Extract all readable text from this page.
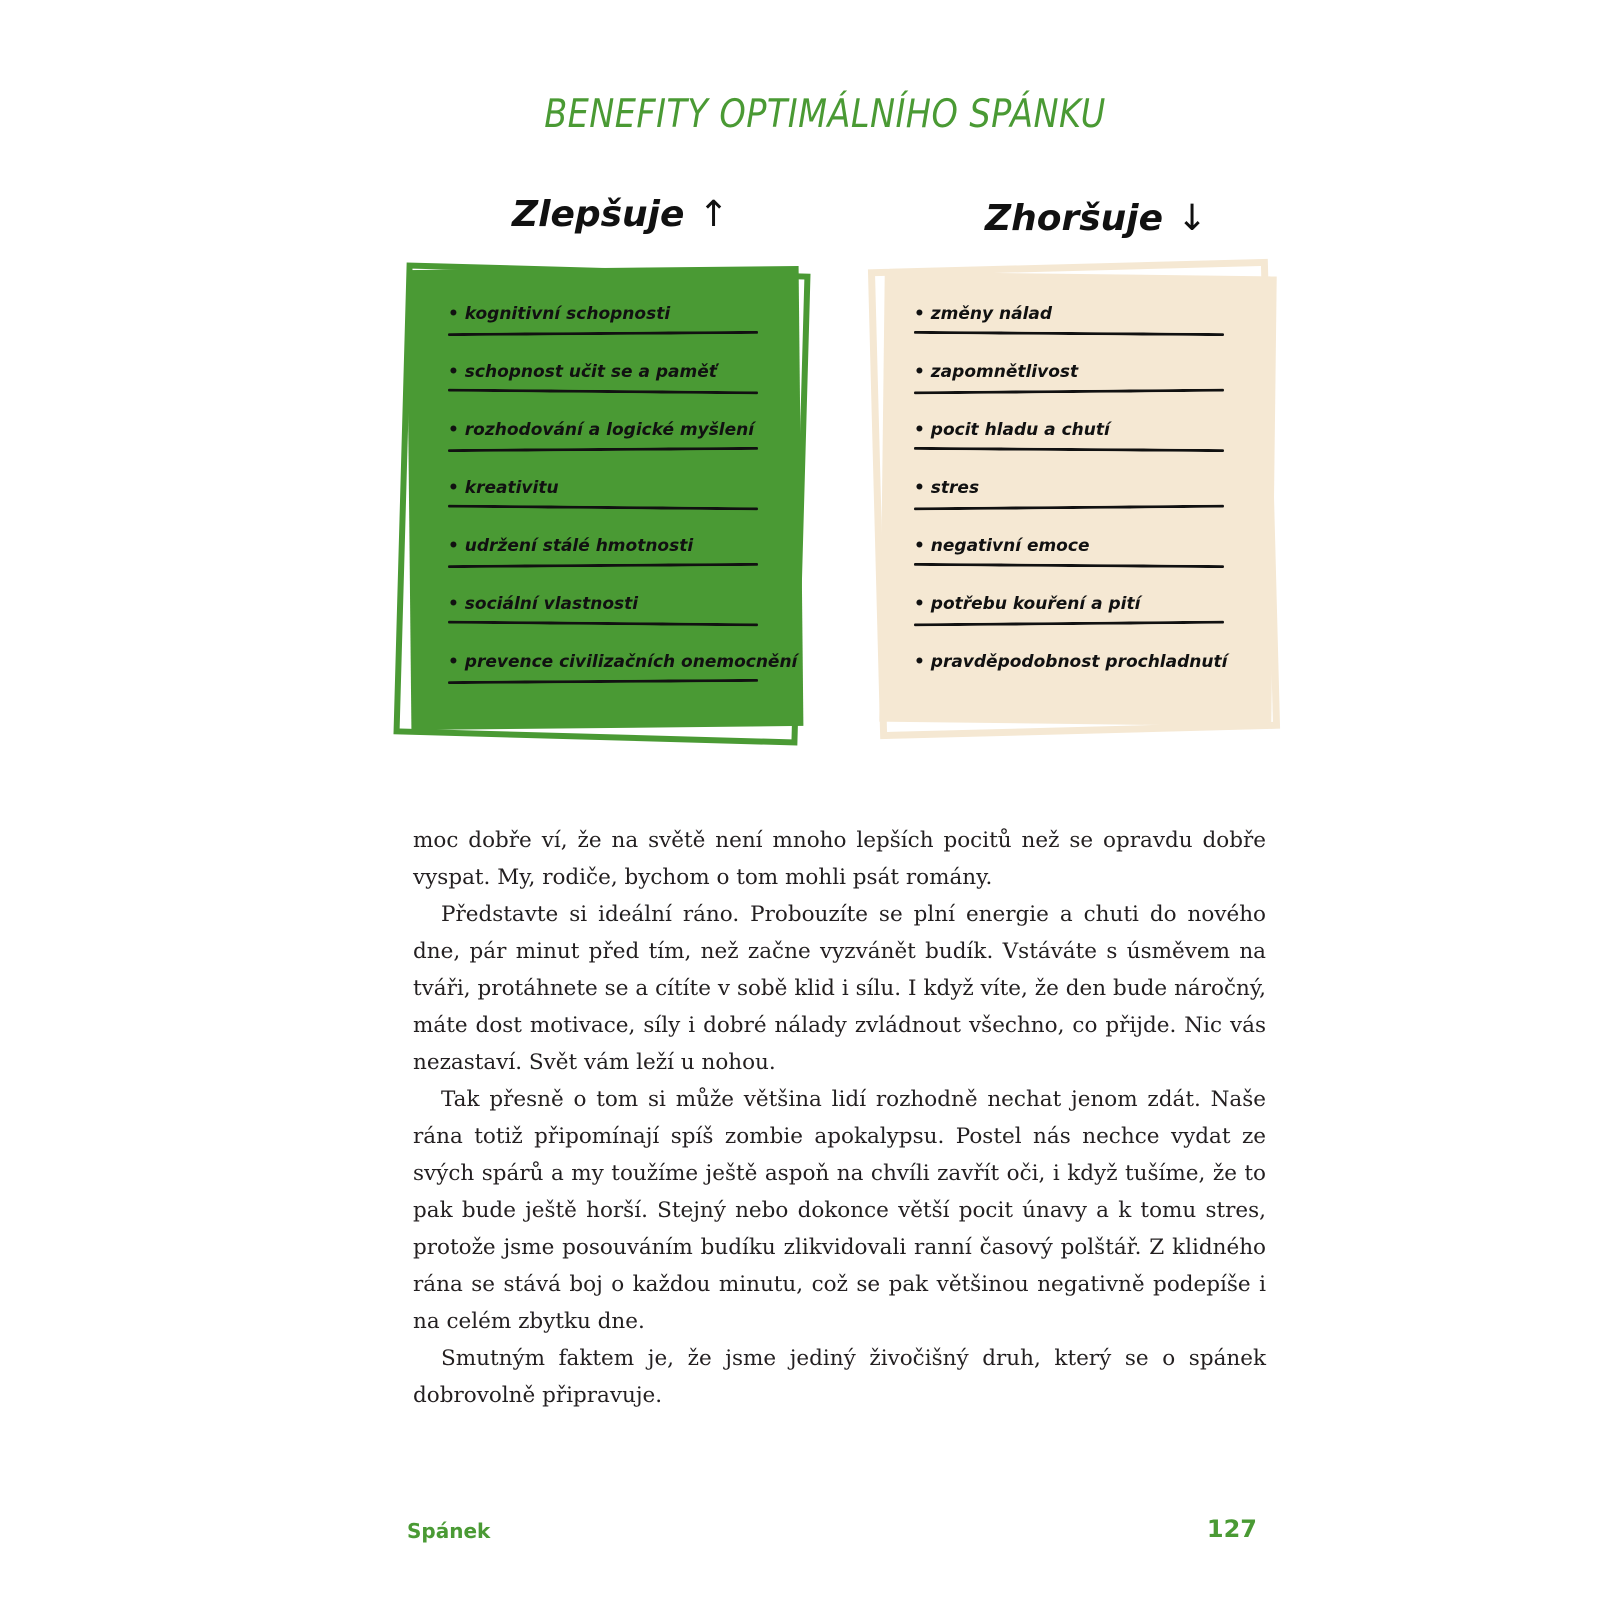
BENEFITY OPTIMÁLNÍHO SPÁNKU
Zlepšuje ↑	Zhoršuje ↓
• kognitivní schopnosti
• schopnost učit se a paměť
• rozhodování a logické myšlení
• kreativitu
• udržení stálé hmotnosti
• sociální vlastnosti
• prevence civilizačních onemocnění
• změny nálad
• zapomnětlivost
• pocit hladu a chutí
• stres
• negativní emoce
• potřebu kouření a pití
• pravděpodobnost prochladnutí

moc dobře ví, že na světě není mnoho lepších pocitů než se opravdu dobře vyspat. My, rodiče, bychom o tom mohli psát romány.

Představte si ideální ráno. Probouzíte se plní energie a chuti do nového dne, pár minut před tím, než začne vyzvánět budík. Vstáváte s úsměvem na tváři, protáhnete se a cítíte v sobě klid i sílu. I když víte, že den bude náročný, máte dost motivace, síly i dobré nálady zvládnout všechno, co přijde. Nic vás nezastaví. Svět vám leží u nohou.

Tak přesně o tom si může většina lidí rozhodně nechat jenom zdát. Naše rána totiž připomínají spíš zombie apokalypsu. Postel nás nechce vydat ze svých spárů a my toužíme ještě aspoň na chvíli zavřít oči, i když tušíme, že to pak bude ještě horší. Stejný nebo dokonce větší pocit únavy a k tomu stres, protože jsme posouváním budíku zlikvidovali ranní časový polštář. Z klidného rána se stává boj o každou minutu, což se pak většinou negativně podepíše i na celém zbytku dne.

Smutným faktem je, že jsme jediný živočišný druh, který se o spánek dobrovolně připravuje.

Spánek	127
